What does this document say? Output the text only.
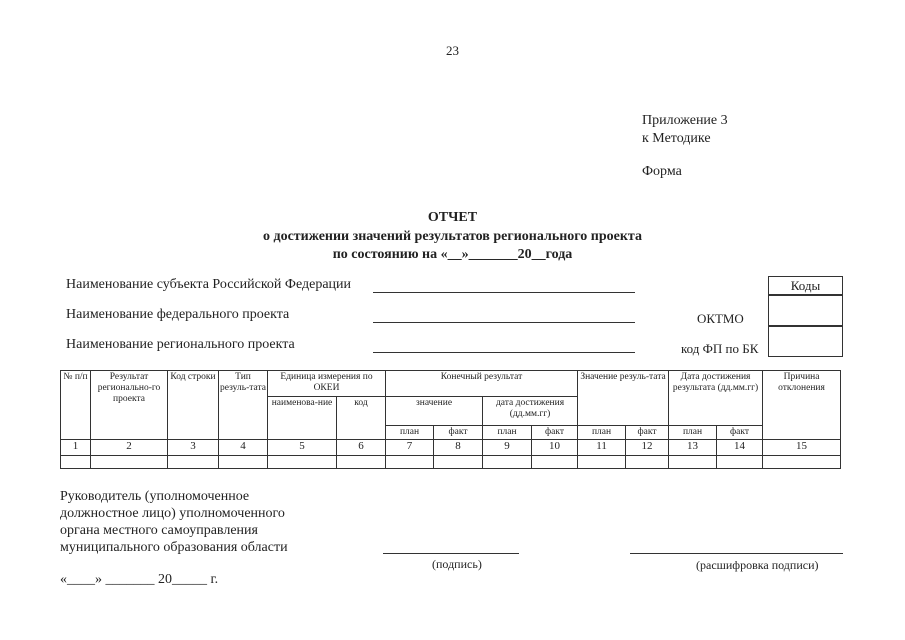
23
Приложение 3
к Методике
Форма
ОТЧЕТ
о достижении значений результатов регионального проекта
по состоянию на «__»_______20__года
Наименование субъекта Российской Федерации
Наименование федерального проекта
Наименование регионального проекта
Коды
ОКТМО
код ФП по БК
№ п/п	Результат регионально-го проекта	Код строки	Тип резуль-тата	Единица измерения по ОКЕИ		Конечный результат				Значение резуль-тата		Дата достижения результата (дд.мм.гг)		Причина отклонения
				наименова-ние	код	значение		дата достижения (дд.мм.гг)						
						план	факт	план	факт	план	факт	план	факт	
1	2	3	4	5	6	7	8	9	10	11	12	13	14	15

Руководитель (уполномоченное
должностное лицо) уполномоченного
органа местного самоуправления
муниципального образования области
(подпись)	(расшифровка подписи)
«____» _______ 20_____ г.
